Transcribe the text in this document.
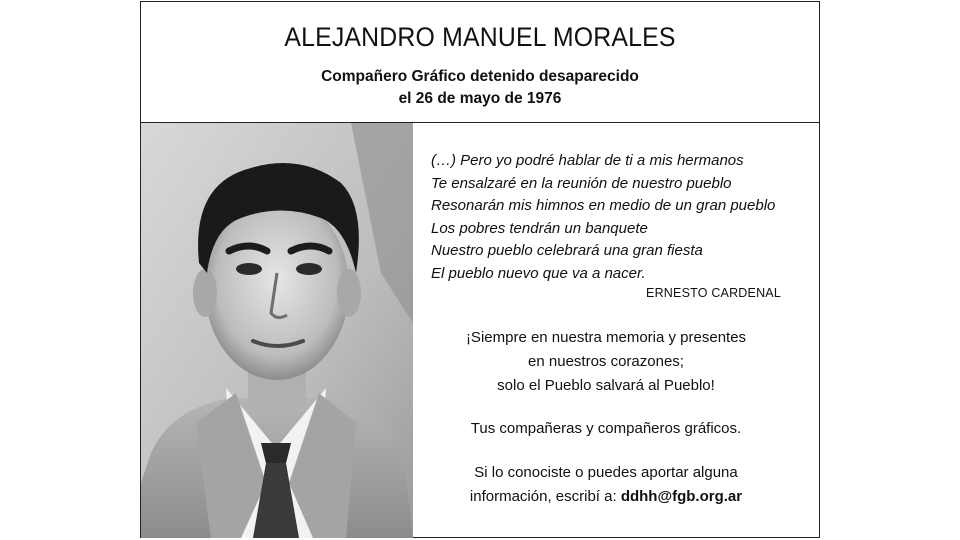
ALEJANDRO MANUEL MORALES
Compañero Gráfico detenido desaparecido
el 26 de mayo de 1976
(…) Pero yo podré hablar de ti a mis hermanos
Te ensalzaré en la reunión de nuestro pueblo
Resonarán mis himnos en medio de un gran pueblo
Los pobres tendrán un banquete
Nuestro pueblo celebrará una gran fiesta
El pueblo nuevo que va a nacer.
ERNESTO CARDENAL
¡Siempre en nuestra memoria y presentes
en nuestros corazones;
solo el Pueblo salvará al Pueblo!
Tus compañeras y compañeros gráficos.
Si lo conociste o puedes aportar alguna
información, escribí a: ddhh@fgb.org.ar
